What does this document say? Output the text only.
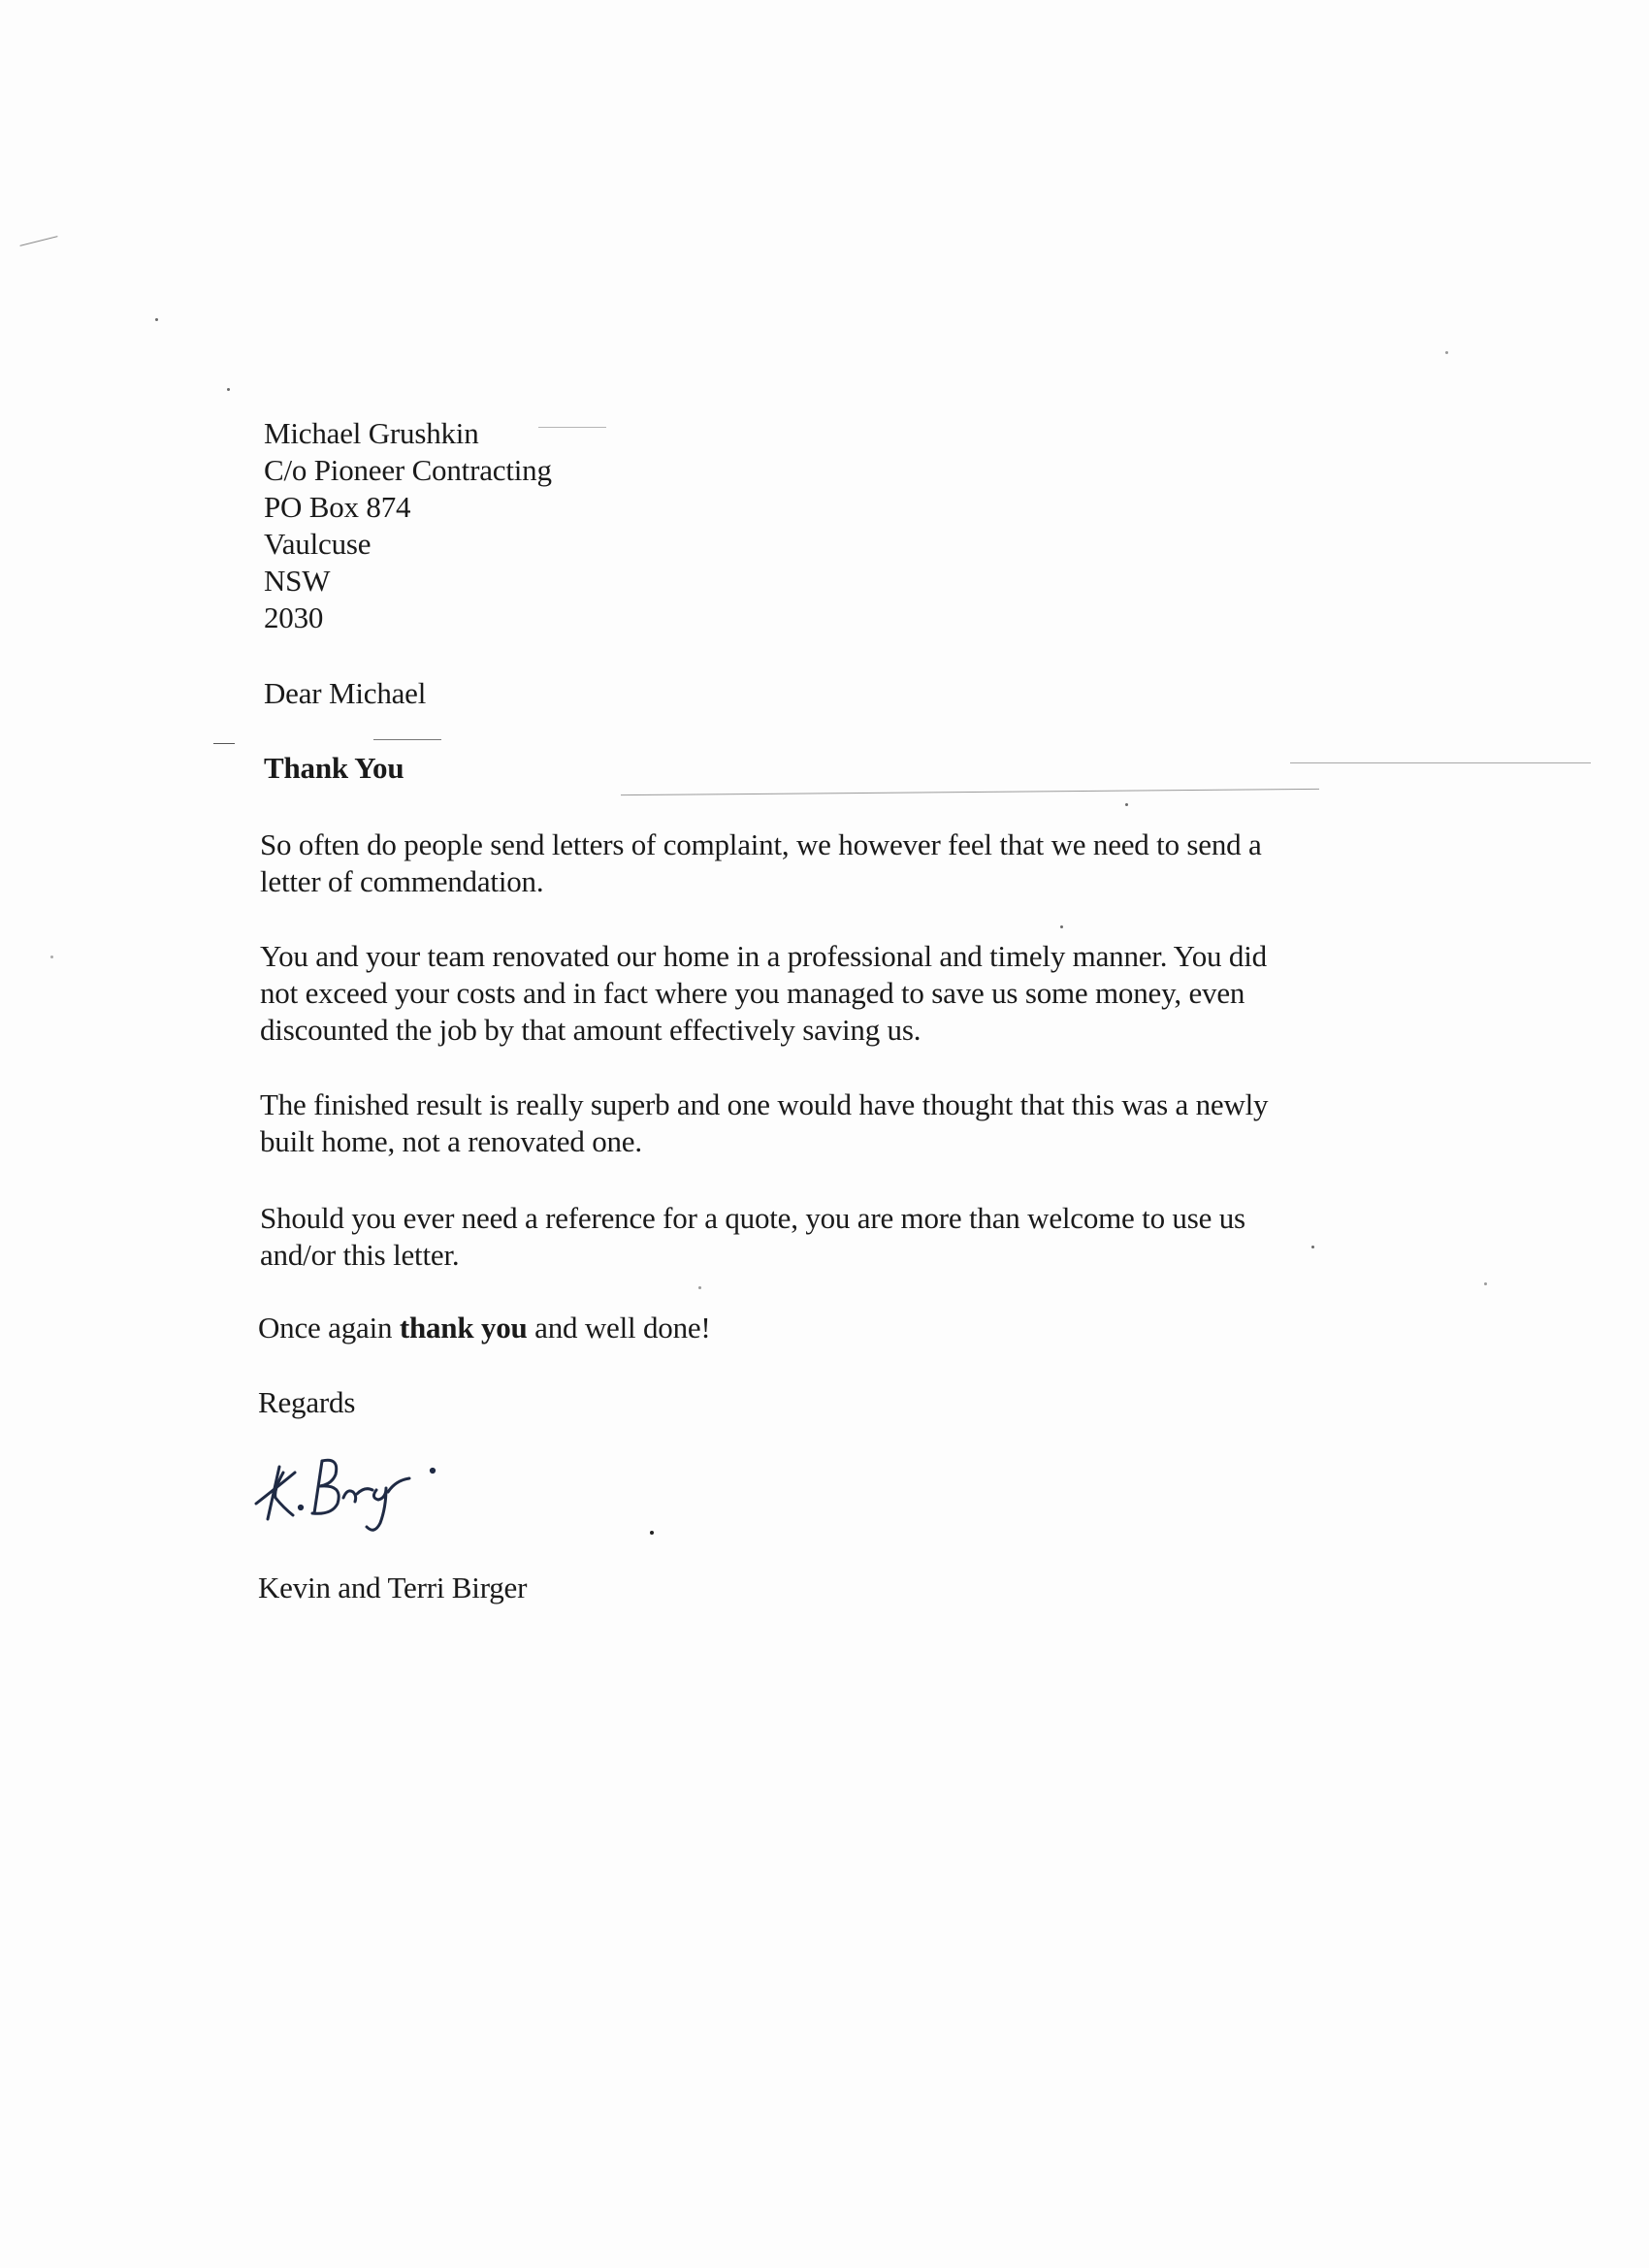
Michael Grushkin
C/o Pioneer Contracting
PO Box 874
Vaulcuse
NSW
2030
Dear Michael
Thank You
So often do people send letters of complaint, we however feel that we need to send a
letter of commendation.
You and your team renovated our home in a professional and timely manner. You did
not exceed your costs and in fact where you managed to save us some money, even
discounted the job by that amount effectively saving us.
The finished result is really superb and one would have thought that this was a newly
built home, not a renovated one.
Should you ever need a reference for a quote, you are more than welcome to use us
and/or this letter.
Once again thank you and well done!
Regards
Kevin and Terri Birger
